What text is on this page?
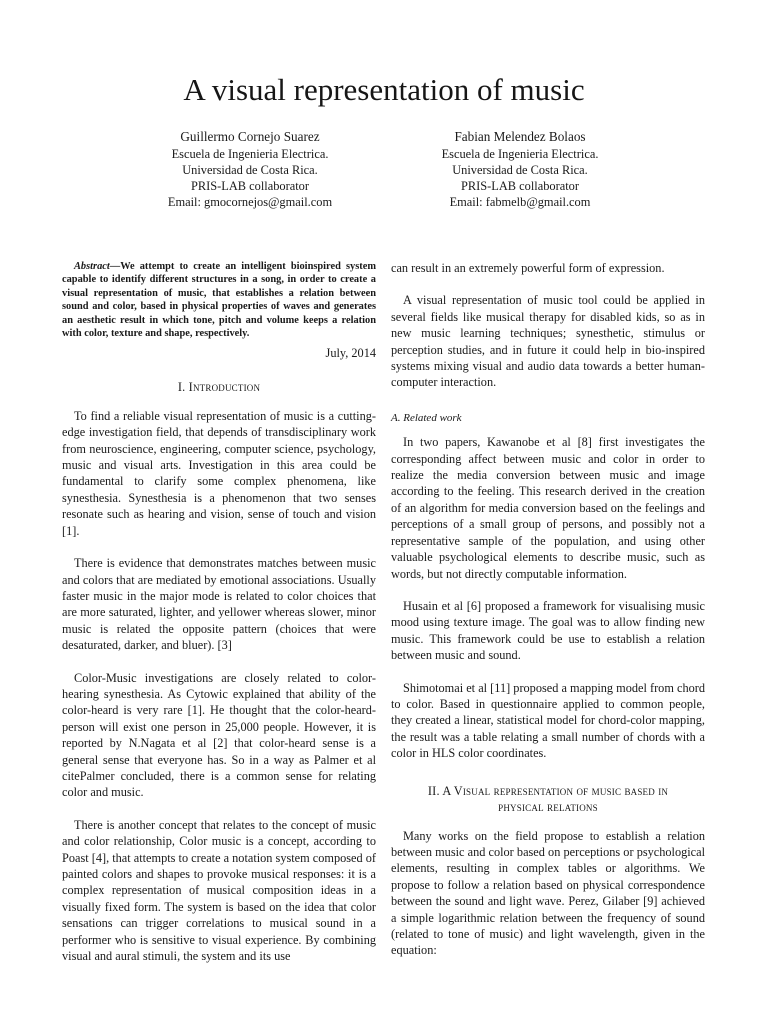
A visual representation of music
Guillermo Cornejo Suarez
Escuela de Ingenieria Electrica.
Universidad de Costa Rica.
PRIS-LAB collaborator
Email: gmocornejos@gmail.com
Fabian Melendez Bolaos
Escuela de Ingenieria Electrica.
Universidad de Costa Rica.
PRIS-LAB collaborator
Email: fabmelb@gmail.com

Abstract—We attempt to create an intelligent bioinspired system capable to identify different structures in a song, in order to create a visual representation of music, that establishes a relation between sound and color, based in physical properties of waves and generates an aesthetic result in which tone, pitch and volume keeps a relation with color, texture and shape, respectively.

July, 2014
I. Introduction

To find a reliable visual representation of music is a cutting-edge investigation field, that depends of transdisciplinary work from neuroscience, engineering, computer science, psychology, music and visual arts. Investigation in this area could be fundamental to clarify some complex phenomena, like synesthesia. Synesthesia is a phenomenon that two senses resonate such as hearing and vision, sense of touch and vision [1].

There is evidence that demonstrates matches between music and colors that are mediated by emotional associations. Usually faster music in the major mode is related to color choices that are more saturated, lighter, and yellower whereas slower, minor music is related the opposite pattern (choices that were desaturated, darker, and bluer). [3]

Color-Music investigations are closely related to color-hearing synesthesia. As Cytowic explained that ability of the color-heard is very rare [1]. He thought that the color-heard-person will exist one person in 25,000 people. However, it is reported by N.Nagata et al [2] that color-heard sense is a general sense that everyone has. So in a way as Palmer et al citePalmer concluded, there is a common sense for relating color and music.

There is another concept that relates to the concept of music and color relationship, Color music is a concept, according to Poast [4], that attempts to create a notation system composed of painted colors and shapes to provoke musical responses: it is a complex representation of musical composition ideas in a visually fixed form. The system is based on the idea that color sensations can trigger correlations to musical sound in a performer who is sensitive to visual experience. By combining visual and aural stimuli, the system and its use

can result in an extremely powerful form of expression.

A visual representation of music tool could be applied in several fields like musical therapy for disabled kids, so as in new music learning techniques; synesthetic, stimulus or perception studies, and in future it could help in bio-inspired systems mixing visual and audio data towards a better human-computer interaction.

A. Related work

In two papers, Kawanobe et al [8] first investigates the corresponding affect between music and color in order to realize the media conversion between music and image according to the feeling. This research derived in the creation of an algorithm for media conversion based on the feelings and perceptions of a small group of persons, and possibly not a representative sample of the population, and using other valuable psychological elements to describe music, such as words, but not directly computable information.

Husain et al [6] proposed a framework for visualising music mood using texture image. The goal was to allow finding new music. This framework could be use to establish a relation between music and sound.

Shimotomai et al [11] proposed a mapping model from chord to color. Based in questionnaire applied to common people, they created a linear, statistical model for chord-color mapping, the result was a table relating a small number of chords with a color in HLS color coordinates.

II. A Visual representation of music based in
physical relations

Many works on the field propose to establish a relation between music and color based on perceptions or psychological elements, resulting in complex tables or algorithms. We propose to follow a relation based on physical correspondence between the sound and light wave. Perez, Gilaber [9] achieved a simple logarithmic relation between the frequency of sound (related to tone of music) and light wavelength, given in the equation:
